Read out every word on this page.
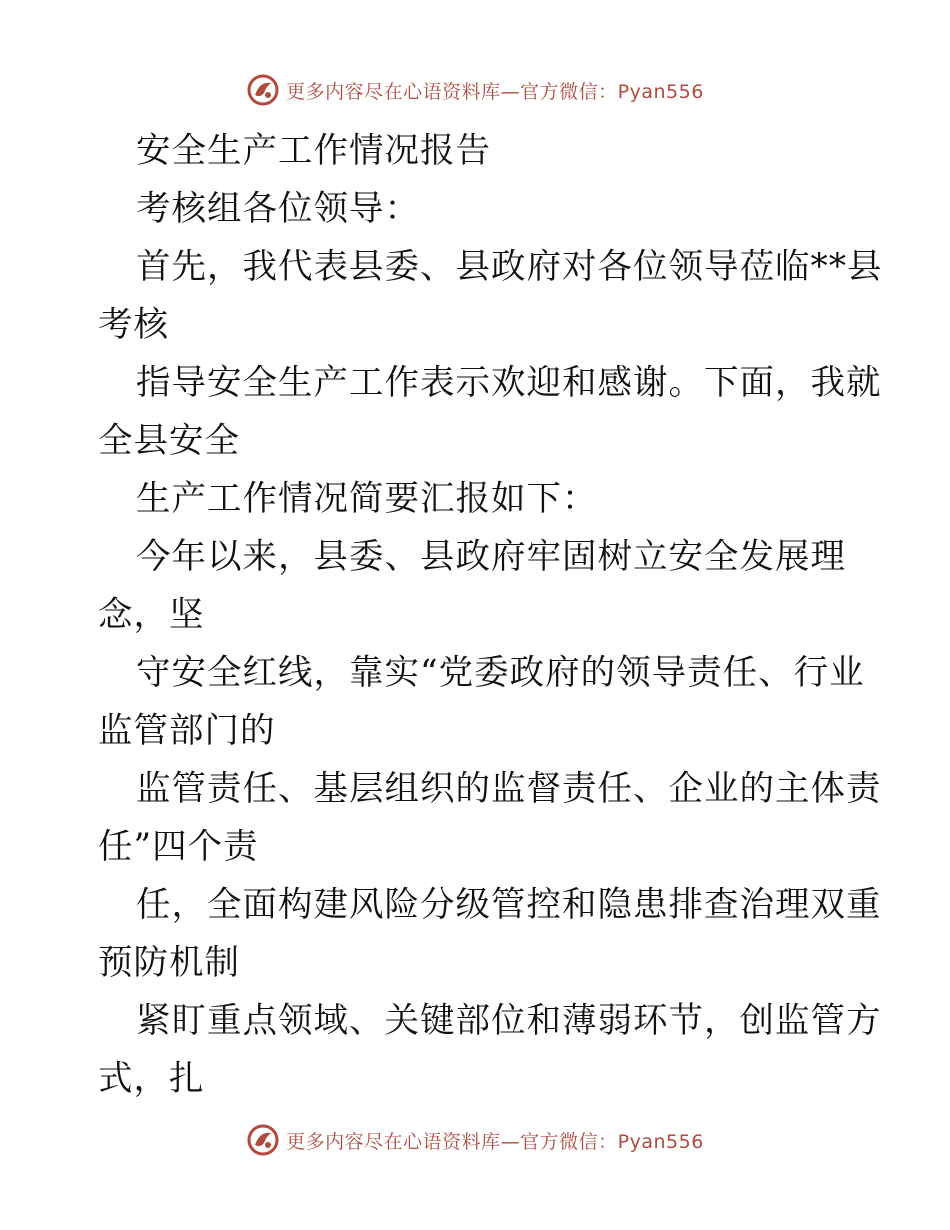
更多内容尽在心语资料库—官方微信：Pyan556
安全生产工作情况报告
考核组各位领导：
首先，我代表县委、县政府对各位领导莅临**县
考核
指导安全生产工作表示欢迎和感谢。下面，我就
全县安全
生产工作情况简要汇报如下：
今年以来，县委、县政府牢固树立安全发展理
念，坚
守安全红线，靠实“党委政府的领导责任、行业
监管部门的
监管责任、基层组织的监督责任、企业的主体责
任”四个责
任，全面构建风险分级管控和隐患排查治理双重
预防机制
紧盯重点领域、关键部位和薄弱环节，创监管方
式，扎
更多内容尽在心语资料库—官方微信：Pyan556
